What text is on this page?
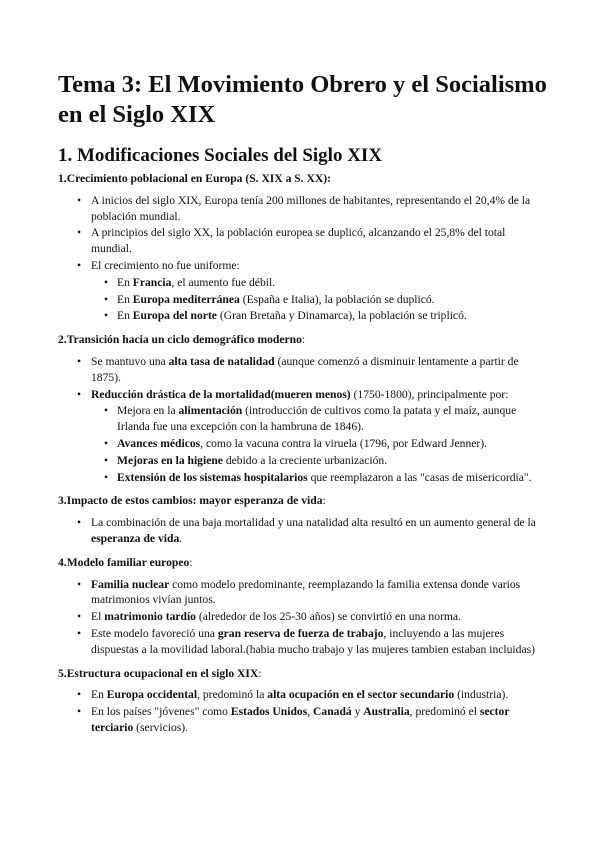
Tema 3: El Movimiento Obrero y el Socialismo en el Siglo XIX
1. Modificaciones Sociales del Siglo XIX

1.Crecimiento poblacional en Europa (S. XIX a S. XX):

• A inicios del siglo XIX, Europa tenía 200 millones de habitantes, representando el 20,4% de la población mundial.
• A principios del siglo XX, la población europea se duplicó, alcanzando el 25,8% del total mundial.
• El crecimiento no fue uniforme:
• En Francia, el aumento fue débil.
• En Europa mediterránea (España e Italia), la población se duplicó.
• En Europa del norte (Gran Bretaña y Dinamarca), la población se triplicó.

2.Transición hacia un ciclo demográfico moderno:

• Se mantuvo una alta tasa de natalidad (aunque comenzó a disminuir lentamente a partir de 1875).
• Reducción drástica de la mortalidad(mueren menos) (1750-1800), principalmente por:
• Mejora en la alimentación (introducción de cultivos como la patata y el maíz, aunque Irlanda fue una excepción con la hambruna de 1846).
• Avances médicos, como la vacuna contra la viruela (1796, por Edward Jenner).
• Mejoras en la higiene debido a la creciente urbanización.
• Extensión de los sistemas hospitalarios que reemplazaron a las "casas de misericordia".

3.Impacto de estos cambios: mayor esperanza de vida:

• La combinación de una baja mortalidad y una natalidad alta resultó en un aumento general de la esperanza de vida.

4.Modelo familiar europeo:

• Familia nuclear como modelo predominante, reemplazando la familia extensa donde varios matrimonios vivían juntos.
• El matrimonio tardío (alrededor de los 25-30 años) se convirtió en una norma.
• Este modelo favoreció una gran reserva de fuerza de trabajo, incluyendo a las mujeres dispuestas a la movilidad laboral.(habia mucho trabajo y las mujeres tambien estaban incluidas)

5.Estructura ocupacional en el siglo XIX:

• En Europa occidental, predominó la alta ocupación en el sector secundario (industria).
• En los países "jóvenes" como Estados Unidos, Canadá y Australia, predominó el sector terciario (servicios).
